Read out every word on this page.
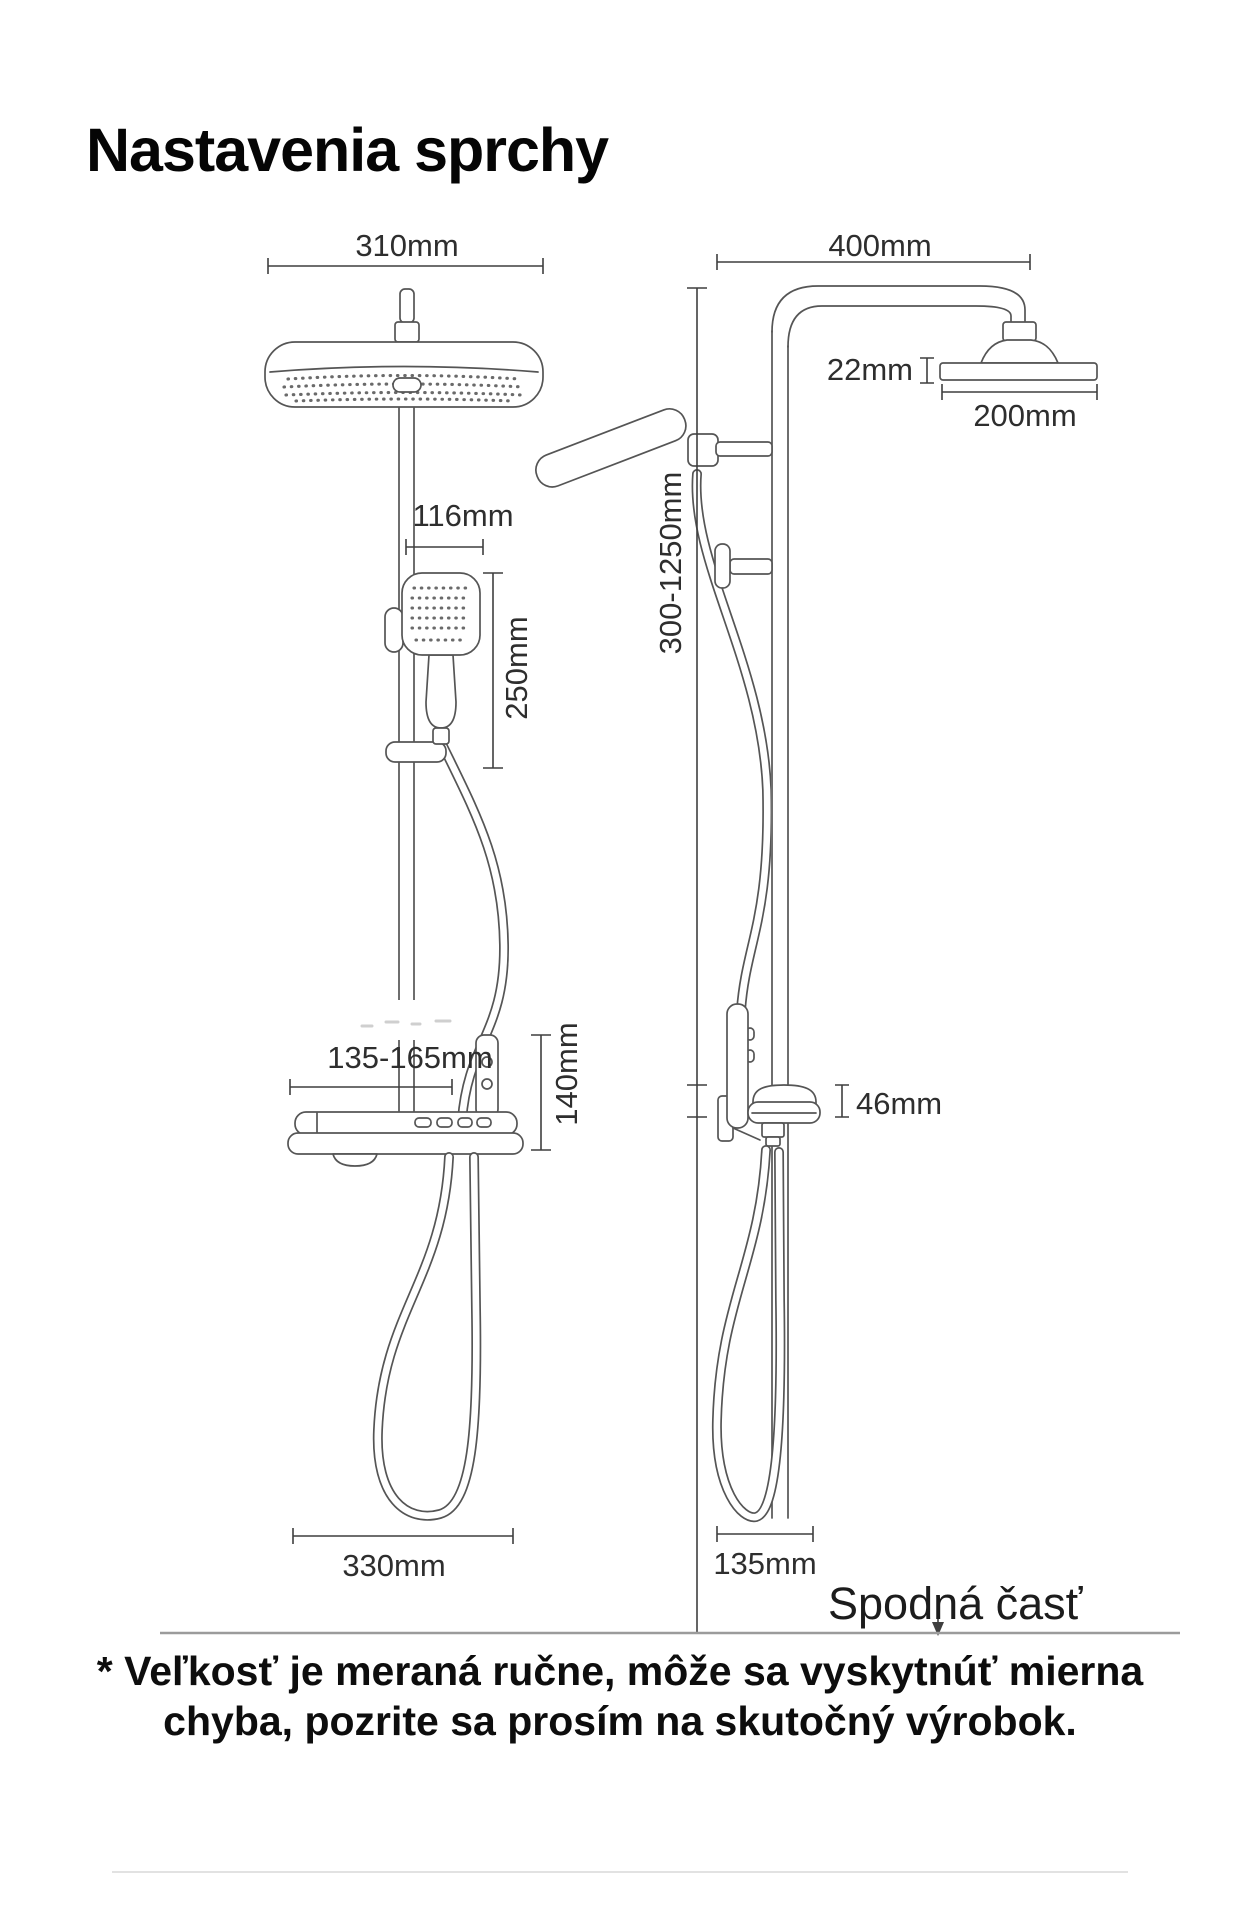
Nastavenia sprchy
310mm
116mm
250mm
135-165mm	140mm
330mm
400mm
22mm
200mm
300-1250mm
46mm
135mm
Spodná časť
* Veľkosť je meraná ručne, môže sa vyskytnúť mierna
chyba, pozrite sa prosím na skutočný výrobok.
